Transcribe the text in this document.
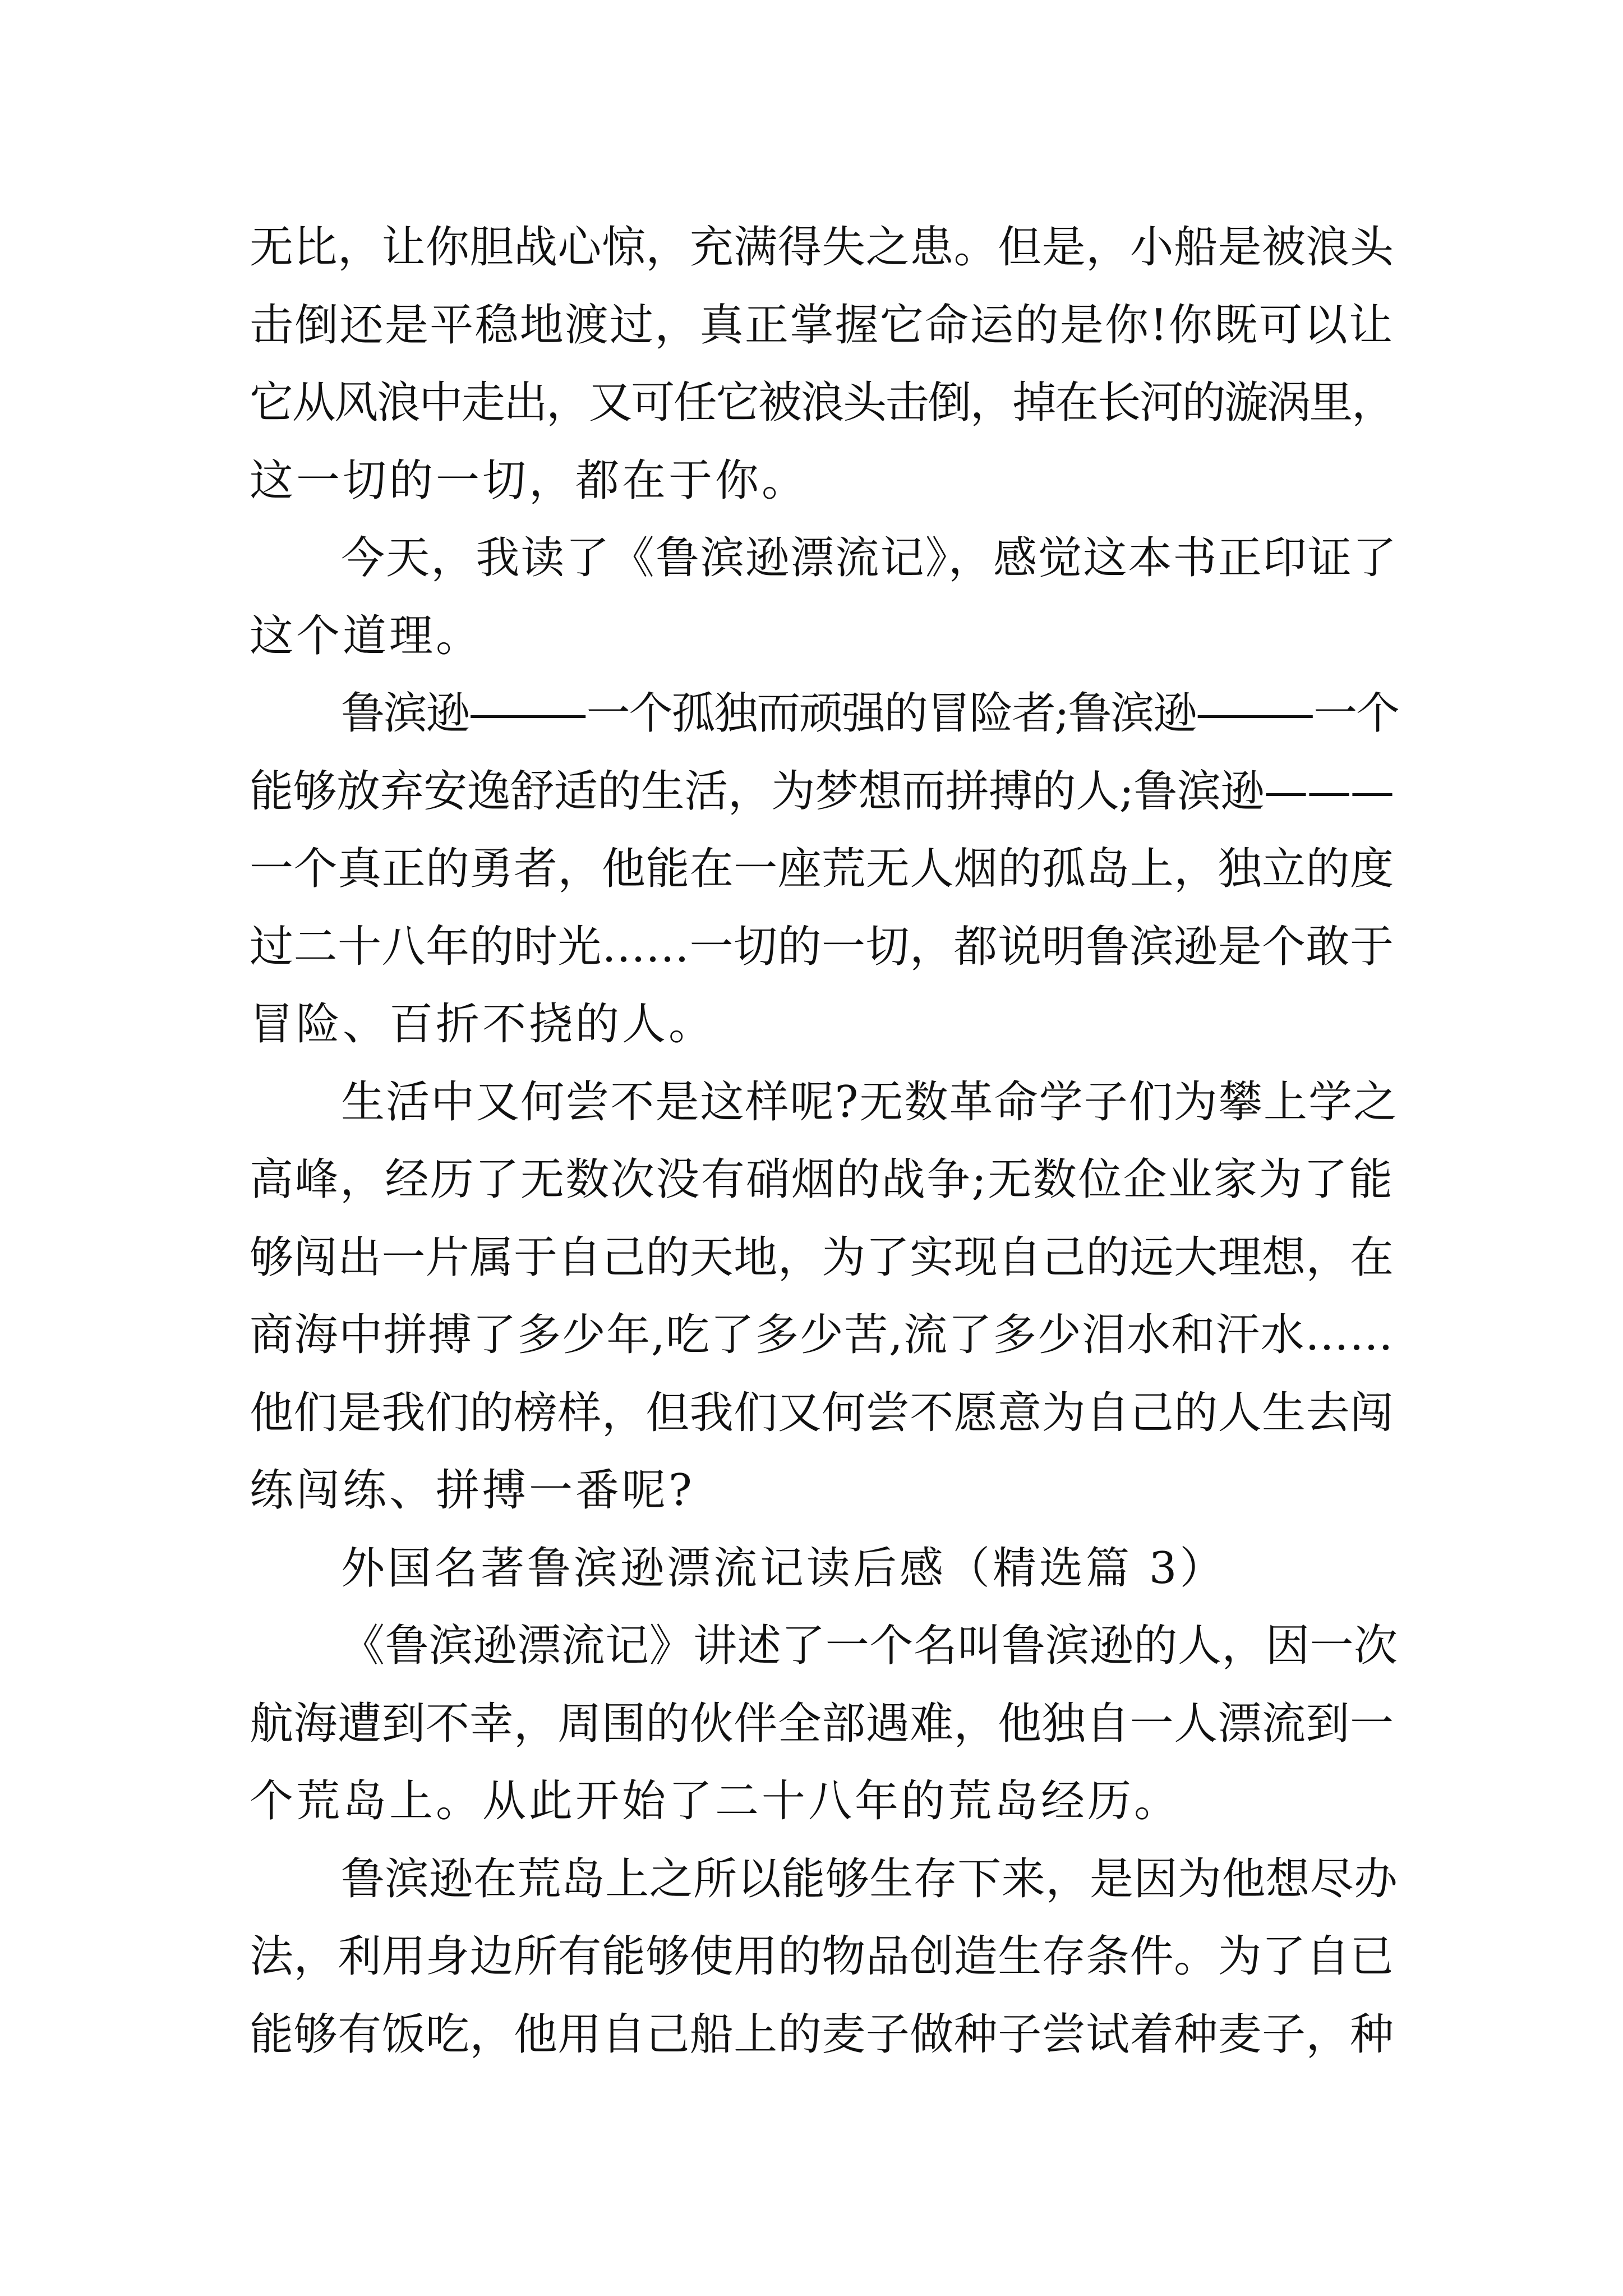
无比，让你胆战心惊，充满得失之患。但是，小船是被浪头
击倒还是平稳地渡过，真正掌握它命运的是你!你既可以让
它从风浪中走出，又可任它被浪头击倒，掉在长河的漩涡里，
这一切的一切，都在于你。
今天，我读了《鲁滨逊漂流记》，感觉这本书正印证了
这个道理。
鲁滨逊———一个孤独而顽强的冒险者;鲁滨逊———一个
能够放弃安逸舒适的生活，为梦想而拼搏的人;鲁滨逊———
一个真正的勇者，他能在一座荒无人烟的孤岛上，独立的度
过二十八年的时光……一切的一切，都说明鲁滨逊是个敢于
冒险、百折不挠的人。
生活中又何尝不是这样呢?无数革命学子们为攀上学之
高峰，经历了无数次没有硝烟的战争;无数位企业家为了能
够闯出一片属于自己的天地，为了实现自己的远大理想，在
商海中拼搏了多少年,吃了多少苦,流了多少泪水和汗水……
他们是我们的榜样，但我们又何尝不愿意为自己的人生去闯
练闯练、拼搏一番呢?
外国名著鲁滨逊漂流记读后感（精选篇 3）
《鲁滨逊漂流记》讲述了一个名叫鲁滨逊的人，因一次
航海遭到不幸，周围的伙伴全部遇难，他独自一人漂流到一
个荒岛上。从此开始了二十八年的荒岛经历。
鲁滨逊在荒岛上之所以能够生存下来，是因为他想尽办
法，利用身边所有能够使用的物品创造生存条件。为了自已
能够有饭吃，他用自己船上的麦子做种子尝试着种麦子，种
